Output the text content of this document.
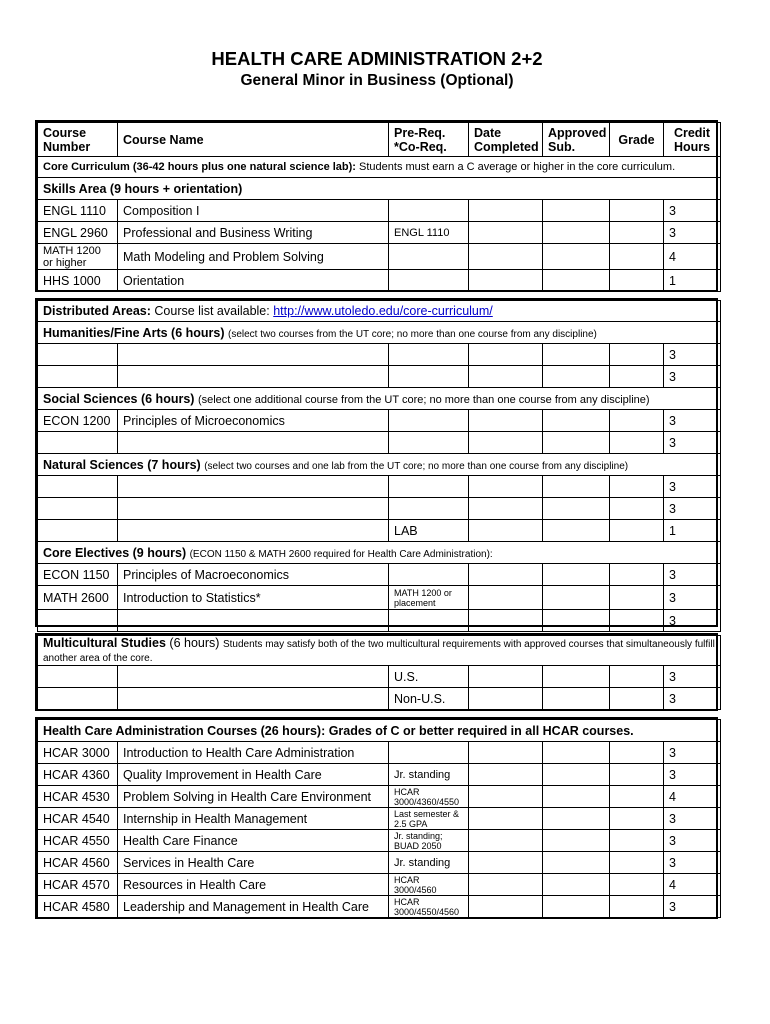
HEALTH CARE ADMINISTRATION 2+2
General Minor in Business (Optional)
Course Number	Course Name	Pre-Req. *Co-Req.	Date Completed	Approved Sub.	Grade	Credit Hours
Core Curriculum (36-42 hours plus one natural science lab): Students must earn a C average or higher in the core curriculum.						
Skills Area (9 hours + orientation)						
ENGL 1110	Composition I					3
ENGL 2960	Professional and Business Writing	ENGL 1110				3
MATH 1200 or higher	Math Modeling and Problem Solving					4
HHS 1000	Orientation					1
Distributed Areas: Course list available: http://www.utoledo.edu/core-curriculum/						
Humanities/Fine Arts (6 hours) (select two courses from the UT core; no more than one course from any discipline)						
						3
						3
Social Sciences (6 hours) (select one additional course from the UT core; no more than one course from any discipline)						
ECON 1200	Principles of Microeconomics					3
						3
Natural Sciences (7 hours) (select two courses and one lab from the UT core; no more than one course from any discipline)						
						3
						3
		LAB				1
Core Electives (9 hours) (ECON 1150 & MATH 2600 required for Health Care Administration):						
ECON 1150	Principles of Macroeconomics					3
MATH 2600	Introduction to Statistics*	MATH 1200 or placement				3
						3
Multicultural Studies (6 hours) Students may satisfy both of the two multicultural requirements with approved courses that simultaneously fulfill another area of the core.						
		U.S.				3
		Non-U.S.				3
Health Care Administration Courses (26 hours): Grades of C or better required in all HCAR courses.						
HCAR 3000	Introduction to Health Care Administration					3
HCAR 4360	Quality Improvement in Health Care	Jr. standing				3
HCAR 4530	Problem Solving in Health Care Environment	HCAR 3000/4360/4550				4
HCAR 4540	Internship in Health Management	Last semester & 2.5 GPA				3
HCAR 4550	Health Care Finance	Jr. standing; BUAD 2050				3
HCAR 4560	Services in Health Care	Jr. standing				3
HCAR 4570	Resources in Health Care	HCAR 3000/4560				4
HCAR 4580	Leadership and Management in Health Care	HCAR 3000/4550/4560				3
